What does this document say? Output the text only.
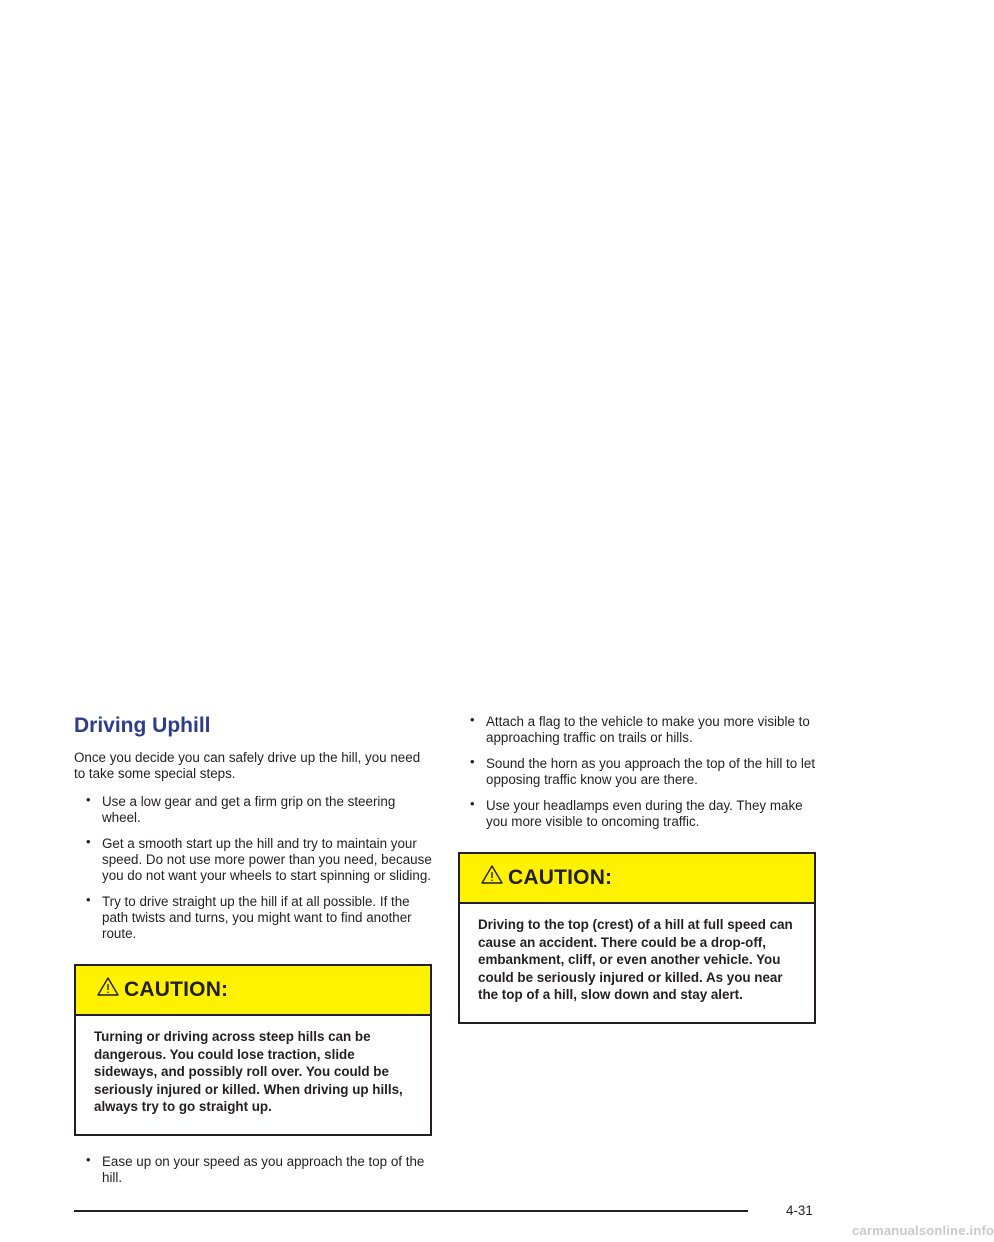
Driving Uphill

Once you decide you can safely drive up the hill, you need to take some special steps.

• Use a low gear and get a firm grip on the steering wheel.
• Get a smooth start up the hill and try to maintain your speed. Do not use more power than you need, because you do not want your wheels to start spinning or sliding.
• Try to drive straight up the hill if at all possible. If the path twists and turns, you might want to find another route.
CAUTION:
Turning or driving across steep hills can be dangerous. You could lose traction, slide sideways, and possibly roll over. You could be seriously injured or killed. When driving up hills, always try to go straight up.
• Ease up on your speed as you approach the top of the hill.
• Attach a flag to the vehicle to make you more visible to approaching traffic on trails or hills.
• Sound the horn as you approach the top of the hill to let opposing traffic know you are there.
• Use your headlamps even during the day. They make you more visible to oncoming traffic.
CAUTION:
Driving to the top (crest) of a hill at full speed can cause an accident. There could be a drop-off, embankment, cliff, or even another vehicle. You could be seriously injured or killed. As you near the top of a hill, slow down and stay alert.
4-31
carmanualsonline.info
